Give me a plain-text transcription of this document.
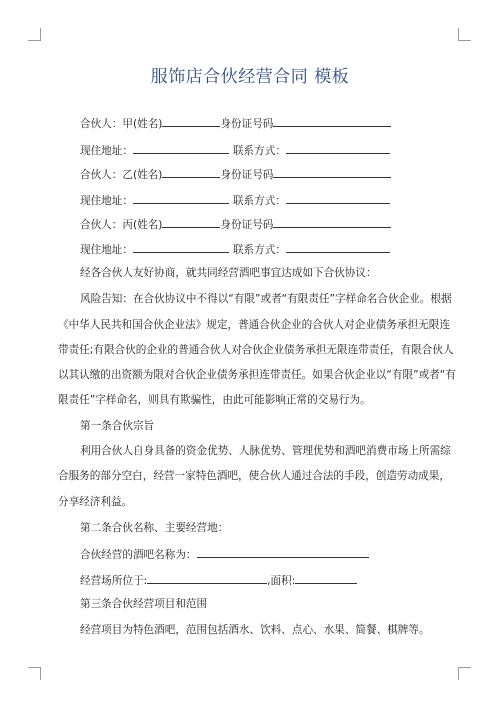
服饰店合伙经营合同 模板
合伙人：甲(姓名)	身份证号码
现住地址：	联系方式：
合伙人：乙(姓名)	身份证号码
现住地址：	联系方式：
合伙人：丙(姓名)	身份证号码
现住地址：	联系方式：
经各合伙人友好协商，就共同经营酒吧事宜达成如下合伙协议：
风险告知：在合伙协议中不得以“有限”或者“有限责任”字样命名合伙企业。根据
《中华人民共和国合伙企业法》规定，普通合伙企业的合伙人对企业债务承担无限连
带责任;有限合伙的企业的普通合伙人对合伙企业债务承担无限连带责任，有限合伙人
以其认缴的出资额为限对合伙企业债务承担连带责任。如果合伙企业以“有限”或者“有
限责任”字样命名，则具有欺骗性，由此可能影响正常的交易行为。
第一条合伙宗旨
利用合伙人自身具备的资金优势、人脉优势、管理优势和酒吧消费市场上所需综
合服务的部分空白，经营一家特色酒吧，使合伙人通过合法的手段，创造劳动成果，
分享经济利益。
第二条合伙名称、主要经营地：
合伙经营的酒吧名称为：
经营场所位于:	,面积:
第三条合伙经营项目和范围
经营项目为特色酒吧，范围包括酒水、饮料、点心、水果、简餐、棋牌等。
